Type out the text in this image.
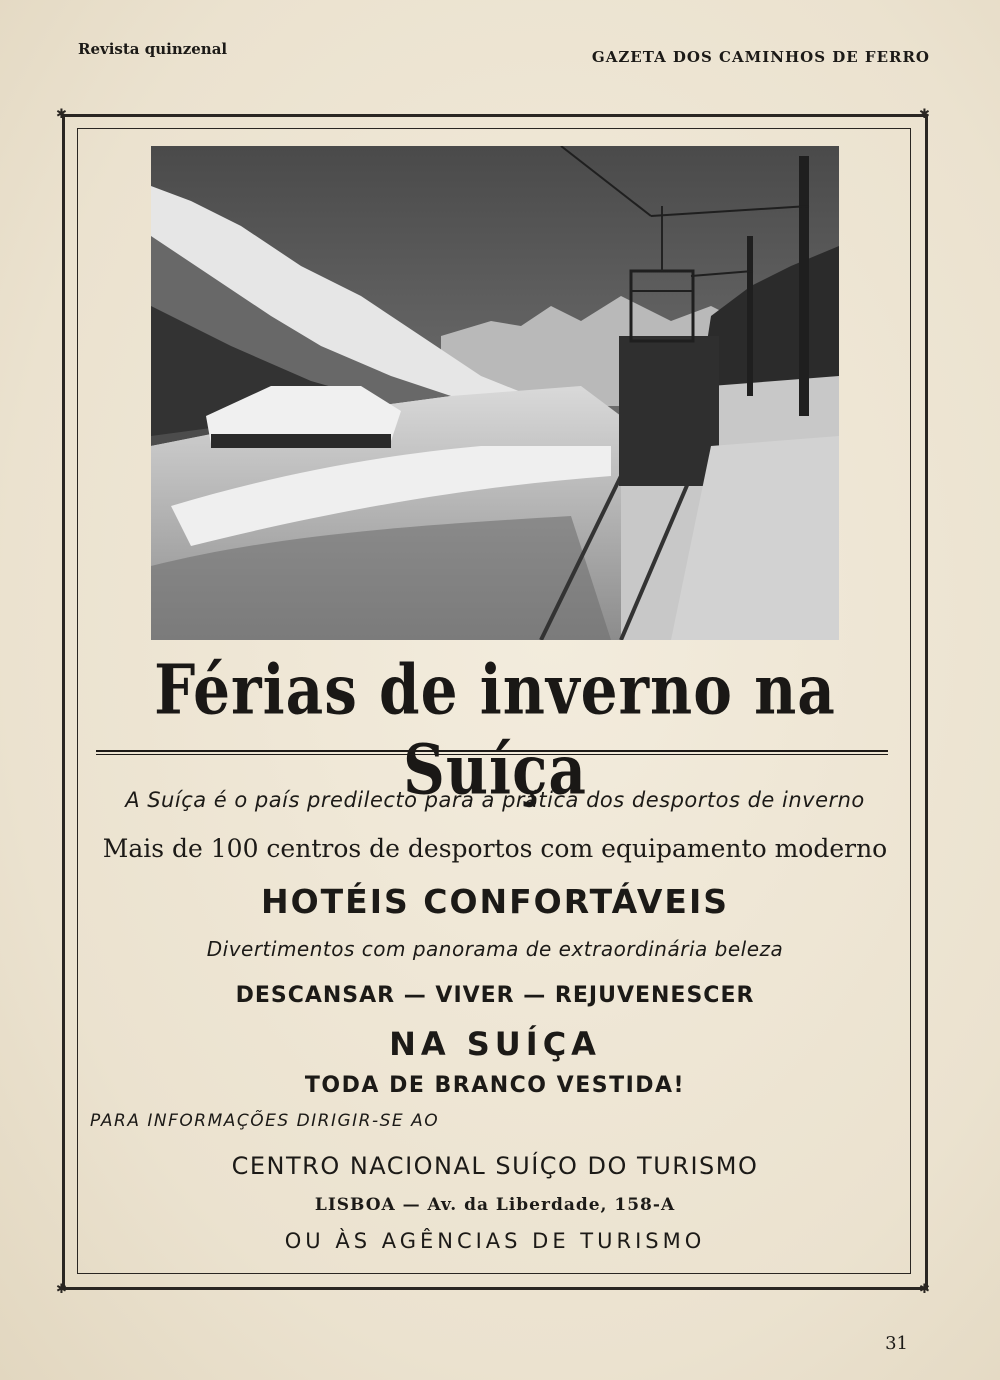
Revista quinzenal	GAZETA DOS CAMINHOS DE FERRO
✱	✱
✱	✱
Férias de inverno na Suíça
A Suíça é o país predilecto para a prática dos desportos de inverno
Mais de 100 centros de desportos com equipamento moderno
HOTÉIS CONFORTÁVEIS
Divertimentos com panorama de extraordinária beleza
DESCANSAR — VIVER — REJUVENESCER
NA SUÍÇA
TODA DE BRANCO VESTIDA!
PARA INFORMAÇÕES DIRIGIR-SE AO
CENTRO NACIONAL SUÍÇO DO TURISMO
LISBOA — Av. da Liberdade, 158-A
OU ÀS AGÊNCIAS DE TURISMO
31
